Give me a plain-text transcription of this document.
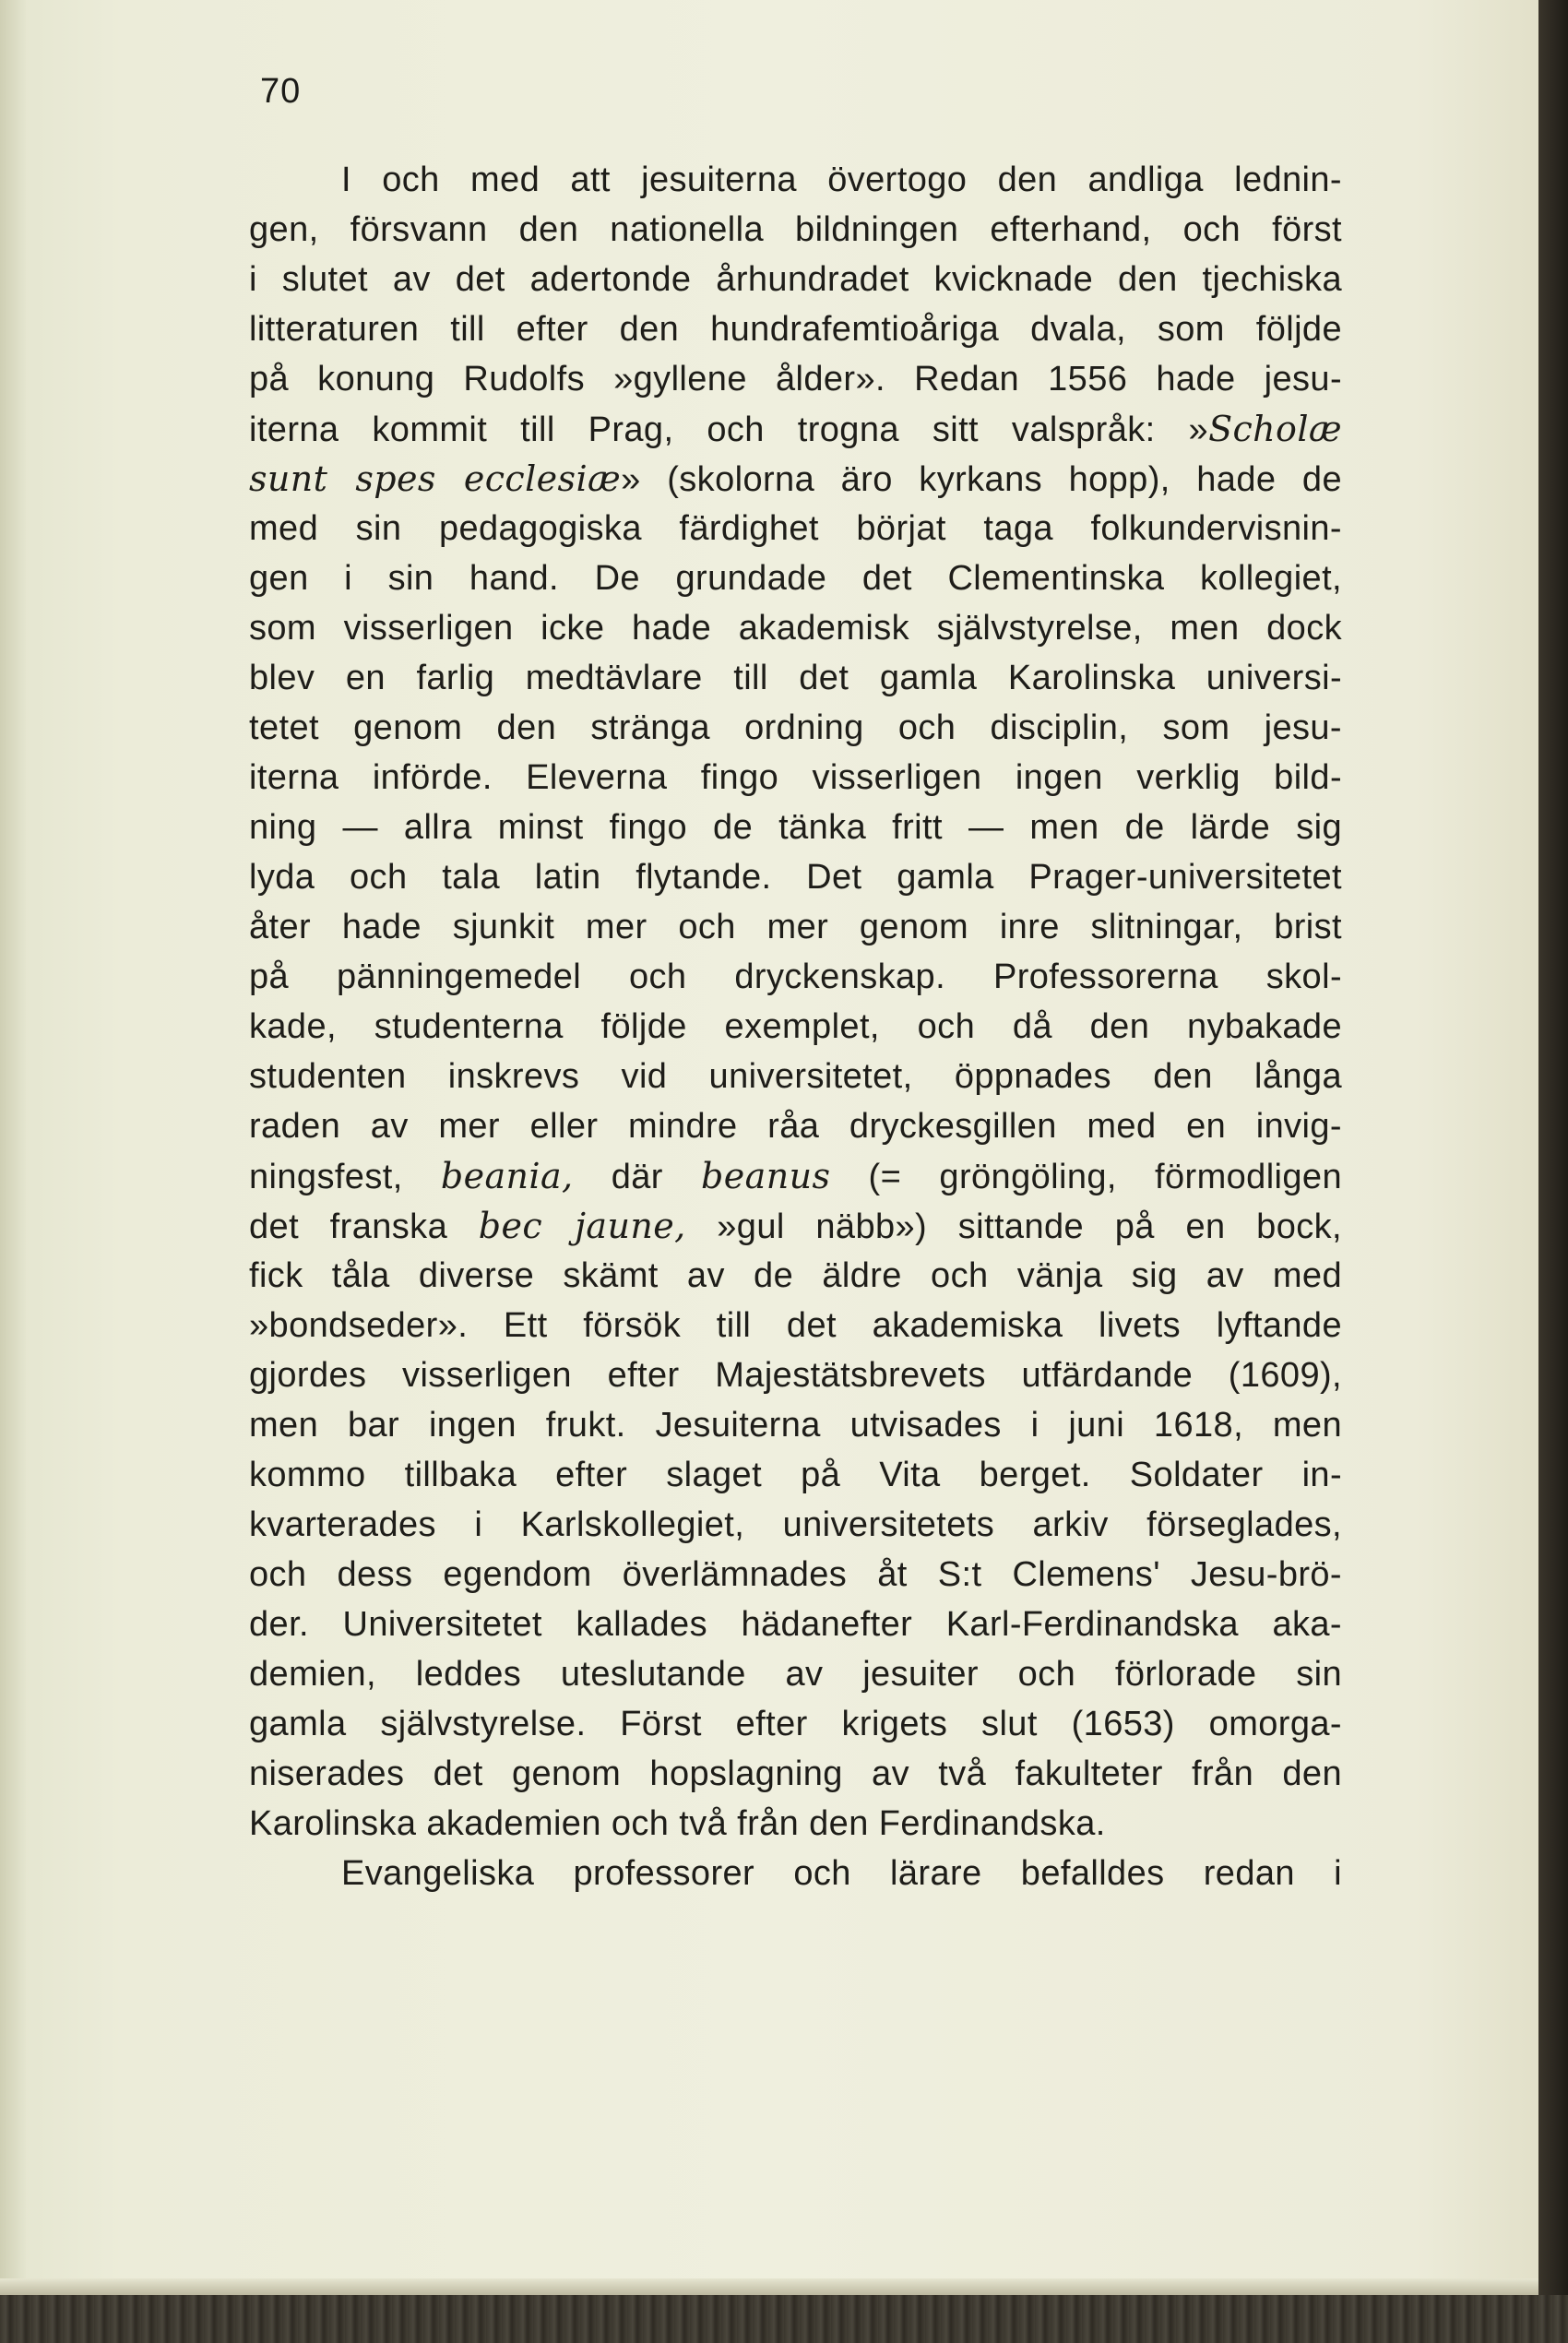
70
I och med att jesuiterna övertogo den andliga lednin-
gen, försvann den nationella bildningen efterhand, och först
i slutet av det adertonde århundradet kvicknade den tjechiska
litteraturen till efter den hundrafemtioåriga dvala, som följde
på konung Rudolfs »gyllene ålder». Redan 1556 hade jesu-
iterna kommit till Prag, och trogna sitt valspråk: »Scholæ
sunt spes ecclesiæ» (skolorna äro kyrkans hopp), hade de
med sin pedagogiska färdighet börjat taga folkundervisnin-
gen i sin hand. De grundade det Clementinska kollegiet,
som visserligen icke hade akademisk självstyrelse, men dock
blev en farlig medtävlare till det gamla Karolinska universi-
tetet genom den stränga ordning och disciplin, som jesu-
iterna införde. Eleverna fingo visserligen ingen verklig bild-
ning — allra minst fingo de tänka fritt — men de lärde sig
lyda och tala latin flytande. Det gamla Prager-universitetet
åter hade sjunkit mer och mer genom inre slitningar, brist
på pänningemedel och dryckenskap. Professorerna skol-
kade, studenterna följde exemplet, och då den nybakade
studenten inskrevs vid universitetet, öppnades den långa
raden av mer eller mindre råa dryckesgillen med en invig-
ningsfest, beania, där beanus (= gröngöling, förmodligen
det franska bec jaune, »gul näbb») sittande på en bock,
fick tåla diverse skämt av de äldre och vänja sig av med
»bondseder». Ett försök till det akademiska livets lyftande
gjordes visserligen efter Majestätsbrevets utfärdande (1609),
men bar ingen frukt. Jesuiterna utvisades i juni 1618, men
kommo tillbaka efter slaget på Vita berget. Soldater in-
kvarterades i Karlskollegiet, universitetets arkiv förseglades,
och dess egendom överlämnades åt S:t Clemens' Jesu-brö-
der. Universitetet kallades hädanefter Karl-Ferdinandska aka-
demien, leddes uteslutande av jesuiter och förlorade sin
gamla självstyrelse. Först efter krigets slut (1653) omorga-
niserades det genom hopslagning av två fakulteter från den
Karolinska akademien och två från den Ferdinandska.
Evangeliska professorer och lärare befalldes redan i
